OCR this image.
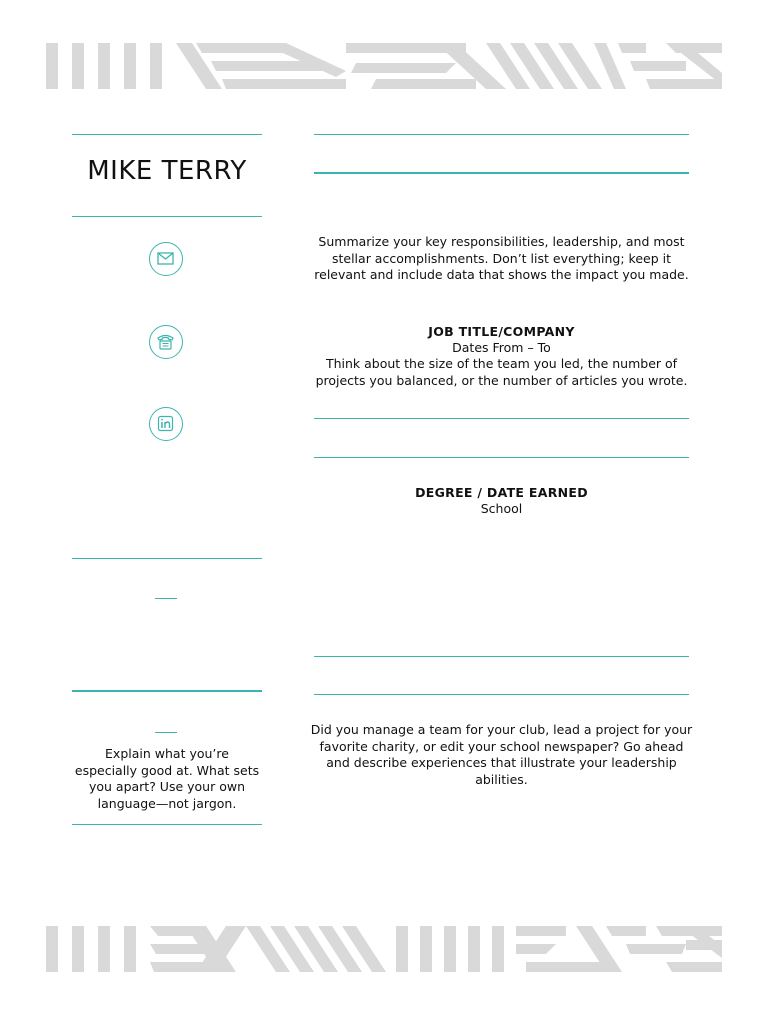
MIKE TERRY
Explain what you’re especially good at. What sets you apart? Use your own language—not jargon.
Summarize your key responsibilities, leadership, and most stellar accomplishments. Don’t list everything; keep it relevant and include data that shows the impact you made.
JOB TITLE/COMPANY
Dates From – To
Think about the size of the team you led, the number of projects you balanced, or the number of articles you wrote.
DEGREE / DATE EARNED
School
Did you manage a team for your club, lead a project for your favorite charity, or edit your school newspaper? Go ahead and describe experiences that illustrate your leadership abilities.
